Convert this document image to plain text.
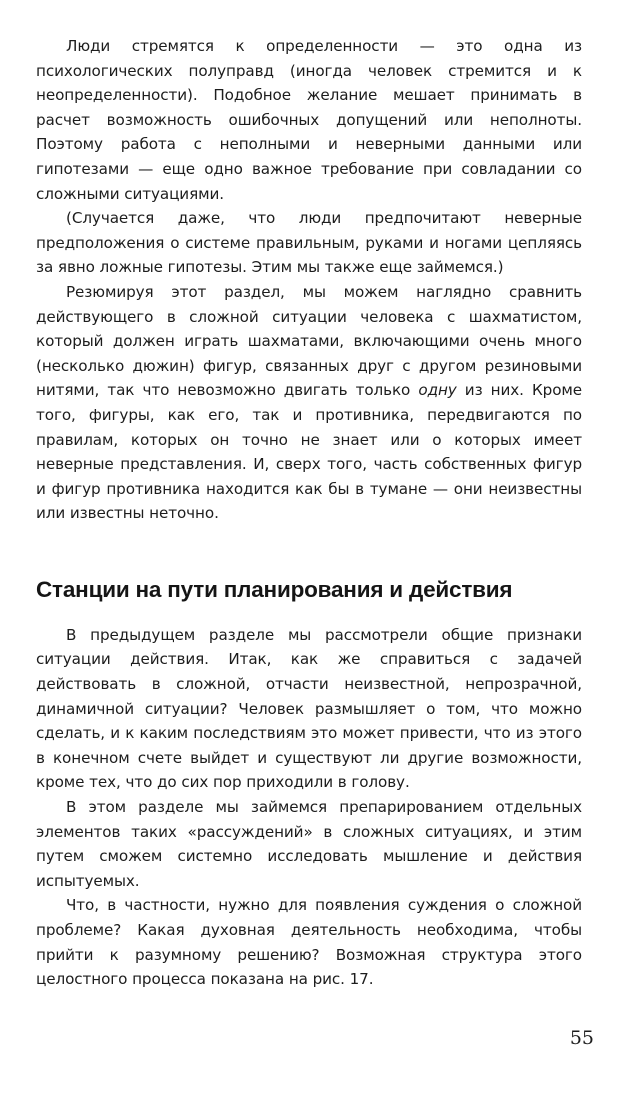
Люди стремятся к определенности — это одна из психологических полуправд (иногда человек стремится и к неопределенности). Подобное желание мешает принимать в расчет возможность ошибочных допущений или неполноты. Поэтому работа с неполными и неверными данными или гипотезами — еще одно важное требование при совладании со сложными ситуациями.

(Случается даже, что люди предпочитают неверные предположения о системе правильным, руками и ногами цепляясь за явно ложные гипотезы. Этим мы также еще займемся.)

Резюмируя этот раздел, мы можем наглядно сравнить действующего в сложной ситуации человека с шахматистом, который должен играть шахматами, включающими очень много (несколько дюжин) фигур, связанных друг с другом резиновыми нитями, так что невозможно двигать только одну из них. Кроме того, фигуры, как его, так и противника, передвигаются по правилам, которых он точно не знает или о которых имеет неверные представления. И, сверх того, часть собственных фигур и фигур противника находится как бы в тумане — они неизвестны или известны неточно.

Станции на пути планирования и действия

В предыдущем разделе мы рассмотрели общие признаки ситуации действия. Итак, как же справиться с задачей действовать в сложной, отчасти неизвестной, непрозрачной, динамичной ситуации? Человек размышляет о том, что можно сделать, и к каким последствиям это может привести, что из этого в конечном счете выйдет и существуют ли другие возможности, кроме тех, что до сих пор приходили в голову.

В этом разделе мы займемся препарированием отдельных элементов таких «рассуждений» в сложных ситуациях, и этим путем сможем системно исследовать мышление и действия испытуемых.

Что, в частности, нужно для появления суждения о сложной проблеме? Какая духовная деятельность необходима, чтобы прийти к разумному решению? Возможная структура этого целостного процесса показана на рис. 17.

55
